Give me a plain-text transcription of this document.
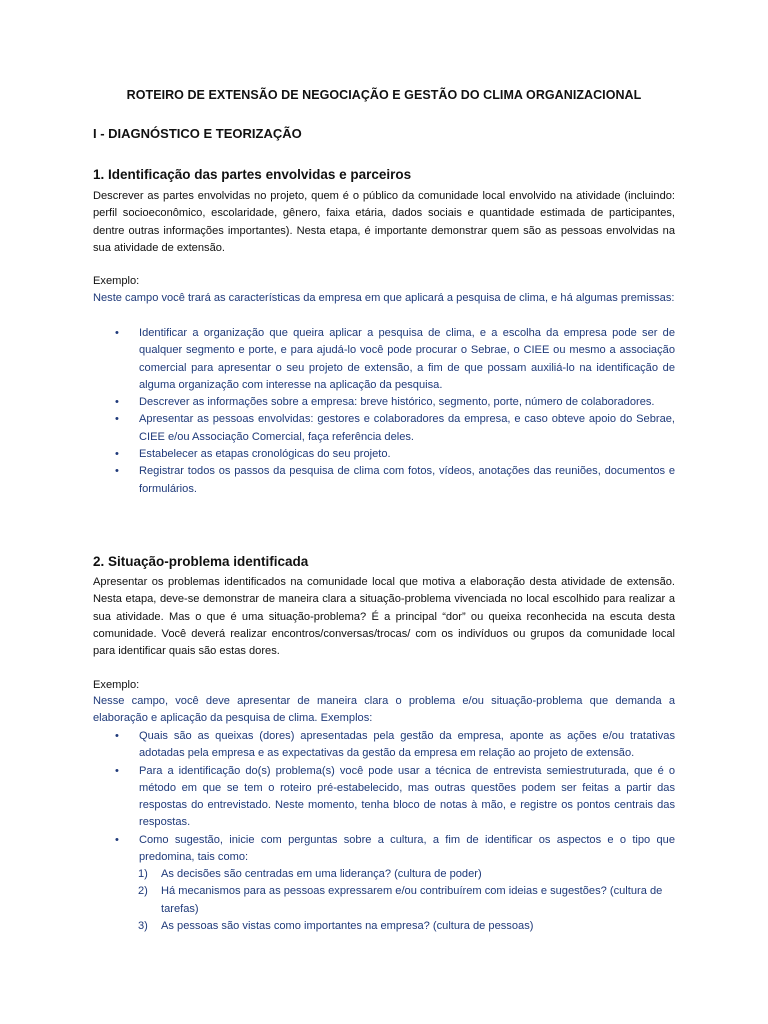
ROTEIRO DE EXTENSÃO DE NEGOCIAÇÃO E GESTÃO DO CLIMA ORGANIZACIONAL
I - DIAGNÓSTICO E TEORIZAÇÃO
1. Identificação das partes envolvidas e parceiros

Descrever as partes envolvidas no projeto, quem é o público da comunidade local envolvido na atividade (incluindo: perfil socioeconômico, escolaridade, gênero, faixa etária, dados sociais e quantidade estimada de participantes, dentre outras informações importantes). Nesta etapa, é importante demonstrar quem são as pessoas envolvidas na sua atividade de extensão.

Exemplo:

Neste campo você trará as características da empresa em que aplicará a pesquisa de clima, e há algumas premissas:

• Identificar a organização que queira aplicar a pesquisa de clima, e a escolha da empresa pode ser de qualquer segmento e porte, e para ajudá-lo você pode procurar o Sebrae, o CIEE ou mesmo a associação comercial para apresentar o seu projeto de extensão, a fim de que possam auxiliá-lo na identificação de alguma organização com interesse na aplicação da pesquisa.
• Descrever as informações sobre a empresa: breve histórico, segmento, porte, número de colaboradores.
• Apresentar as pessoas envolvidas: gestores e colaboradores da empresa, e caso obteve apoio do Sebrae, CIEE e/ou Associação Comercial, faça referência deles.
• Estabelecer as etapas cronológicas do seu projeto.
• Registrar todos os passos da pesquisa de clima com fotos, vídeos, anotações das reuniões, documentos e formulários.
2. Situação-problema identificada

Apresentar os problemas identificados na comunidade local que motiva a elaboração desta atividade de extensão. Nesta etapa, deve-se demonstrar de maneira clara a situação-problema vivenciada no local escolhido para realizar a sua atividade. Mas o que é uma situação-problema? É a principal “dor” ou queixa reconhecida na escuta desta comunidade. Você deverá realizar encontros/conversas/trocas/ com os indivíduos ou grupos da comunidade local para identificar quais são estas dores.

Exemplo:

Nesse campo, você deve apresentar de maneira clara o problema e/ou situação-problema que demanda a elaboração e aplicação da pesquisa de clima. Exemplos:

• Quais são as queixas (dores) apresentadas pela gestão da empresa, aponte as ações e/ou tratativas adotadas pela empresa e as expectativas da gestão da empresa em relação ao projeto de extensão.
• Para a identificação do(s) problema(s) você pode usar a técnica de entrevista semiestruturada, que é o método em que se tem o roteiro pré-estabelecido, mas outras questões podem ser feitas a partir das respostas do entrevistado. Neste momento, tenha bloco de notas à mão, e registre os pontos centrais das respostas.
• Como sugestão, inicie com perguntas sobre a cultura, a fim de identificar os aspectos e o tipo que predomina, tais como:
1) As decisões são centradas em uma liderança? (cultura de poder)
2) Há mecanismos para as pessoas expressarem e/ou contribuírem com ideias e sugestões? (cultura de tarefas)
3) As pessoas são vistas como importantes na empresa? (cultura de pessoas)
